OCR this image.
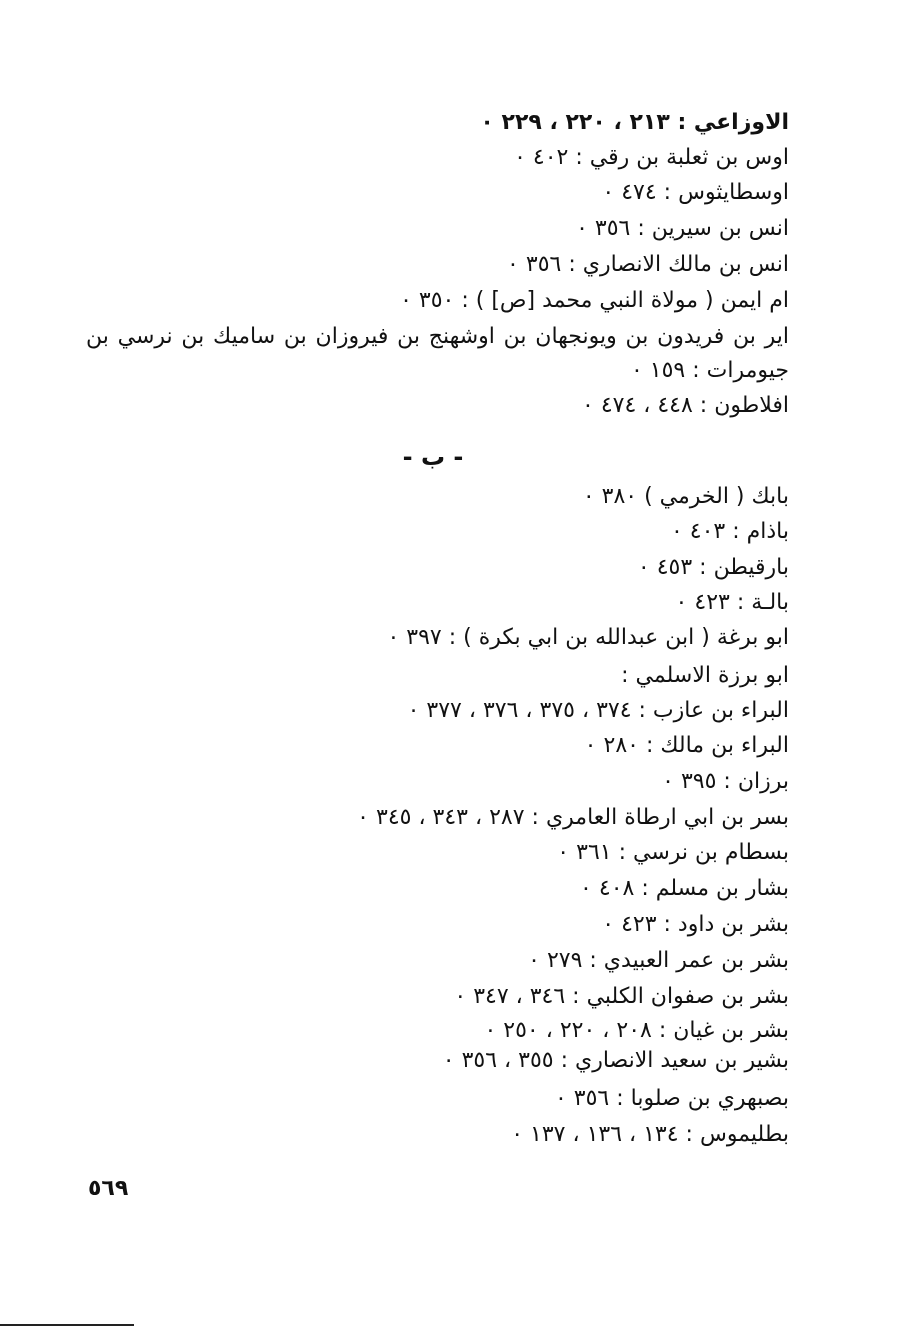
الاوزاعي : ٢١٣ ، ٢٢٠ ، ٢٢٩ ٠
اوس بن ثعلبة بن رقي : ٤٠٢ ٠
اوسطايثوس : ٤٧٤ ٠
انس بن سيرين : ٣٥٦ ٠
انس بن مالك الانصاري : ٣٥٦ ٠
ام ايمن ( مولاة النبي محمد [ص] ) : ٣٥٠ ٠
اير بن فريدون بن ويونجهان بن اوشهنج بن فيروزان بن ساميك بن نرسي بن
جيومرات : ١٥٩ ٠
افلاطون : ٤٤٨ ، ٤٧٤ ٠
- ب -
بابك ( الخرمي ) ٣٨٠ ٠
باذام : ٤٠٣ ٠
بارقيطن : ٤٥٣ ٠
بالـة : ٤٢٣ ٠
ابو برغة ( ابن عبدالله بن ابي بكرة ) : ٣٩٧ ٠
ابو برزة الاسلمي :
البراء بن عازب : ٣٧٤ ، ٣٧٥ ، ٣٧٦ ، ٣٧٧ ٠
البراء بن مالك : ٢٨٠ ٠
برزان : ٣٩٥ ٠
بسر بن ابي ارطاة العامري : ٢٨٧ ، ٣٤٣ ، ٣٤٥ ٠
بسطام بن نرسي : ٣٦١ ٠
بشار بن مسلم : ٤٠٨ ٠
بشر بن داود : ٤٢٣ ٠
بشر بن عمر العبيدي : ٢٧٩ ٠
بشر بن صفوان الكلبي : ٣٤٦ ، ٣٤٧ ٠
بشر بن غيان : ٢٠٨ ، ٢٢٠ ، ٢٥٠ ٠
بشير بن سعيد الانصاري : ٣٥٥ ، ٣٥٦ ٠
بصبهري بن صلوبا : ٣٥٦ ٠
بطليموس : ١٣٤ ، ١٣٦ ، ١٣٧ ٠
٥٦٩
